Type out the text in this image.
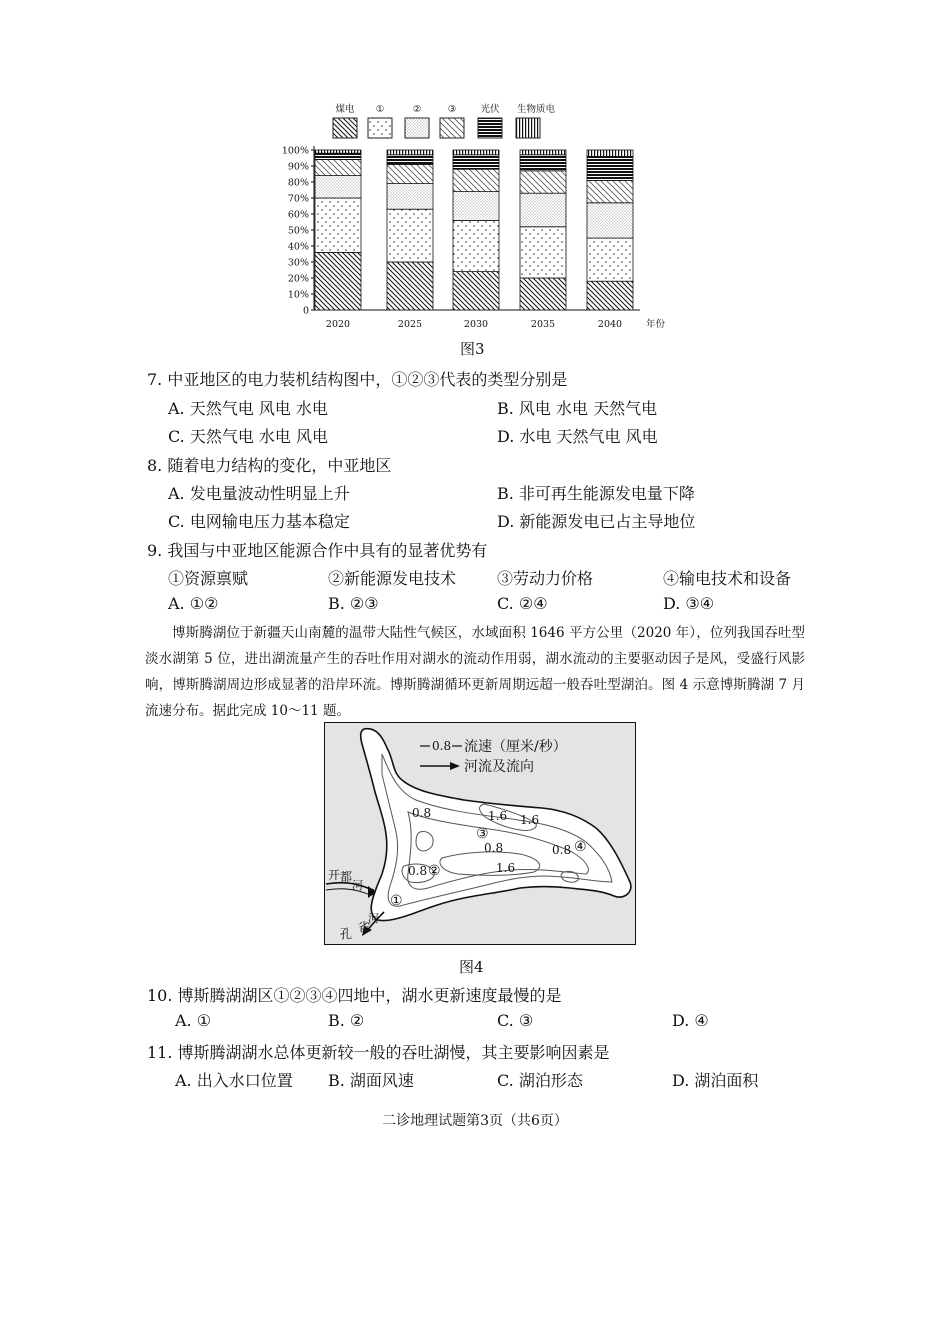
煤电 ①	②	③	光伏 生物质电
0
10%
20%
30%
40%
50%
60%
70%
80%
90%
100%
2020	2025	2030	2035	2040	年份
图3
7. 中亚地区的电力装机结构图中，①②③代表的类型分别是
A. 天然气电 风电 水电	B. 风电 水电 天然气电
C. 天然气电 水电 风电	D. 水电 天然气电 风电
8. 随着电力结构的变化，中亚地区
A. 发电量波动性明显上升	B. 非可再生能源发电量下降
C. 电网输电压力基本稳定	D. 新能源发电已占主导地位
9. 我国与中亚地区能源合作中具有的显著优势有
①资源禀赋	②新能源发电技术	③劳动力价格	④输电技术和设备
A. ①②	B. ②③	C. ②④	D. ③④
博斯腾湖位于新疆天山南麓的温带大陆性气候区，水域面积 1646 平方公里（2020 年），位列我国吞吐型淡水湖第 5 位，进出湖流量产生的吞吐作用对湖水的流动作用弱，湖水流动的主要驱动因子是风，受盛行风影响，博斯腾湖周边形成显著的沿岸环流。博斯腾湖循环更新周期远超一般吞吐型湖泊。图 4 示意博斯腾湖 7 月流速分布。据此完成 10～11 题。
0.8 流速（厘米/秒）
河流及流向
0.8	1.6 1.6
0.8	0.8
0.8	1.6
①
②
③
④
开 都
河
河
雀
孔
图4
10. 博斯腾湖湖区①②③④四地中，湖水更新速度最慢的是
A. ①	B. ②	C. ③	D. ④
11. 博斯腾湖湖水总体更新较一般的吞吐湖慢，其主要影响因素是
A. 出入水口位置 B. 湖面风速	C. 湖泊形态	D. 湖泊面积
二诊地理试题第3页（共6页）
